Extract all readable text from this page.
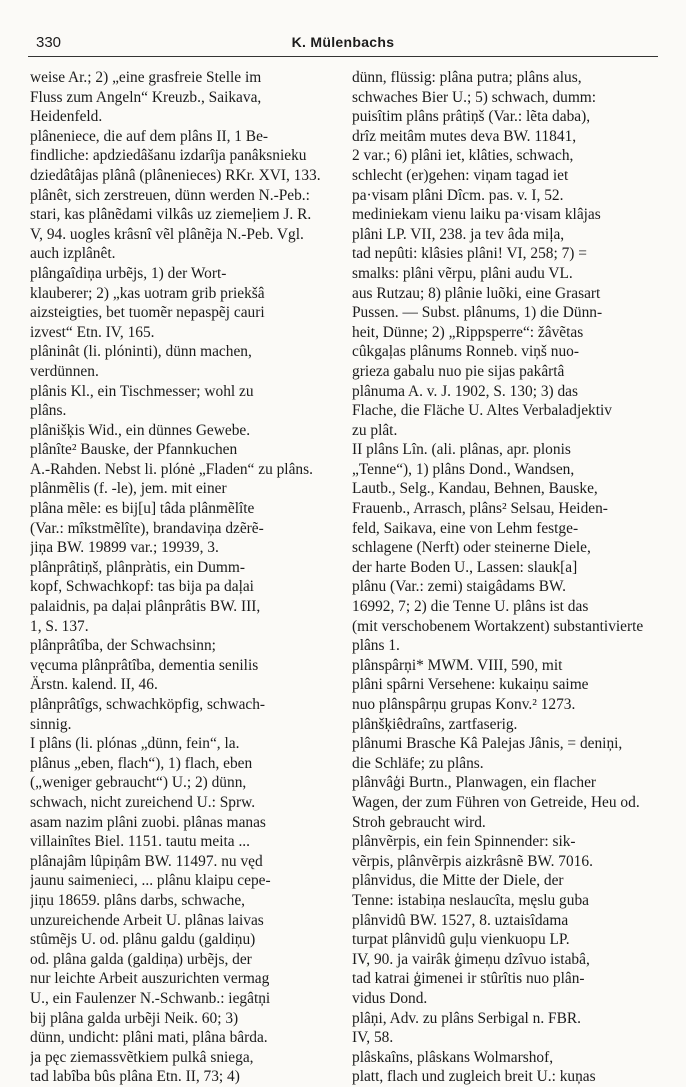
330	K. Mülenbachs
weise Ar.; 2) „eine grasfreie Stelle im
Fluss zum Angeln“ Kreuzb., Saikava,
Heidenfeld.
plâneniece, die auf dem plâns II, 1 Be-
findliche: apdziedâšanu izdarîja panâksnieku
dziedâtâjas plânâ (plânenieces) RKr. XVI, 133.
plânêt, sich zerstreuen, dünn werden N.-Peb.:
stari, kas plânẽdami vilkâs uz ziemeļiem J. R.
V, 94. uogles krâsnî vẽl plânẽja N.-Peb. Vgl.
auch izplânêt.
plângaîdiņa urbẽjs, 1) der Wort-
klauberer; 2) „kas uotram grib priekšâ
aizsteigties, bet tuomẽr nepaspẽj cauri
izvest“ Etn. IV, 165.
plâninât (li. plóninti), dünn machen,
verdünnen.
plânis Kl., ein Tischmesser; wohl zu
plâns.
plânišķis Wid., ein dünnes Gewebe.
plânîte² Bauske, der Pfannkuchen
A.-Rahden. Nebst li. plónė „Fladen“ zu plâns.
plânmẽlis (f. -le), jem. mit einer
plâna mẽle: es bij[u] tâda plânmẽlîte
(Var.: mîkstmẽlîte), brandaviņa dzẽrẽ-
jiņa BW. 19899 var.; 19939, 3.
plânprâtiņš, plânpràtis, ein Dumm-
kopf, Schwachkopf: tas bija pa daļai
palaidnis, pa daļai plânprâtis BW. III,
1, S. 137.
plânprâtîba, der Schwachsinn;
vęcuma plânprâtîba, dementia senilis
Ärstn. kalend. II, 46.
plânprâtîgs, schwachköpfig, schwach-
sinnig.
I plâns (li. plónas „dünn, fein“, la.
plânus „eben, flach“), 1) flach, eben
(„weniger gebraucht“) U.; 2) dünn,
schwach, nicht zureichend U.: Sprw.
asam nazim plâni zuobi. plânas manas
villainîtes Biel. 1151. tautu meita ...
plânajâm lûpiņâm BW. 11497. nu vęd
jaunu saimenieci, ... plânu klaipu cepe-
jiņu 18659. plâns darbs, schwache,
unzureichende Arbeit U. plânas laivas
stûmẽjs U. od. plânu galdu (galdiņu)
od. plâna galda (galdiņa) urbẽjs, der
nur leichte Arbeit auszurichten vermag
U., ein Faulenzer N.-Schwanb.: iegâtņi
bij plâna galda urbẽji Neik. 60; 3)
dünn, undicht: plâni mati, plâna bârda.
ja pęc ziemassvẽtkiem pulkâ sniega,
tad labîba bûs plâna Etn. II, 73; 4)
dünn, flüssig: plâna putra; plâns alus,
schwaches Bier U.; 5) schwach, dumm:
puisîtim plâns prâtiņš (Var.: lẽta daba),
drîz meitâm mutes deva BW. 11841,
2 var.; 6) plâni iet, klâties, schwach,
schlecht (er)gehen: viņam tagad iet
pa·visam plâni Dîcm. pas. v. I, 52.
mediniekam vienu laiku pa·visam klâjas
plâni LP. VII, 238. ja tev âda miļa,
tad nepûti: klâsies plâni! VI, 258; 7) =
smalks: plâni vẽrpu, plâni audu VL.
aus Rutzau; 8) plânie luõki, eine Grasart
Pussen. — Subst. plânums, 1) die Dünn-
heit, Dünne; 2) „Rippsperre“: žâvẽtas
cûkgaļas plânums Ronneb. viņš nuo-
grieza gabalu nuo pie sijas pakârtâ
plânuma A. v. J. 1902, S. 130; 3) das
Flache, die Fläche U. Altes Verbaladjektiv
zu plât.
II plâns Lîn. (ali. plânas, apr. plonis
„Tenne“), 1) plâns Dond., Wandsen,
Lautb., Selg., Kandau, Behnen, Bauske,
Frauenb., Arrasch, plâns² Selsau, Heiden-
feld, Saikava, eine von Lehm festge-
schlagene (Nerft) oder steinerne Diele,
der harte Boden U., Lassen: slauk[a]
plânu (Var.: zemi) staigâdams BW.
16992, 7; 2) die Tenne U. plâns ist das
(mit verschobenem Wortakzent) substantivierte
plâns 1.
plânspârņi* MWM. VIII, 590, mit
plâni spârni Versehene: kukaiņu saime
nuo plânspârņu grupas Konv.² 1273.
plânšķiêdraîns, zartfaserig.
plânumi Brasche Kâ Palejas Jânis, = deniņi,
die Schläfe; zu plâns.
plânvâģi Burtn., Planwagen, ein flacher
Wagen, der zum Führen von Getreide, Heu od.
Stroh gebraucht wird.
plânvẽrpis, ein fein Spinnender: sik-
vẽrpis, plânvẽrpis aizkrâsnẽ BW. 7016.
plânvidus, die Mitte der Diele, der
Tenne: istabiņa neslaucîta, męslu guba
plânvidû BW. 1527, 8. uztaisîdama
turpat plânvidû guļu vienkuopu LP.
IV, 90. ja vairâk ģimeņu dzîvuo istabâ,
tad katrai ģimenei ir stûrîtis nuo plân-
vidus Dond.
plâņi, Adv. zu plâns Serbigal n. FBR.
IV, 58.
plâskaîns, plâskans Wolmarshof,
platt, flach und zugleich breit U.: kuņas
